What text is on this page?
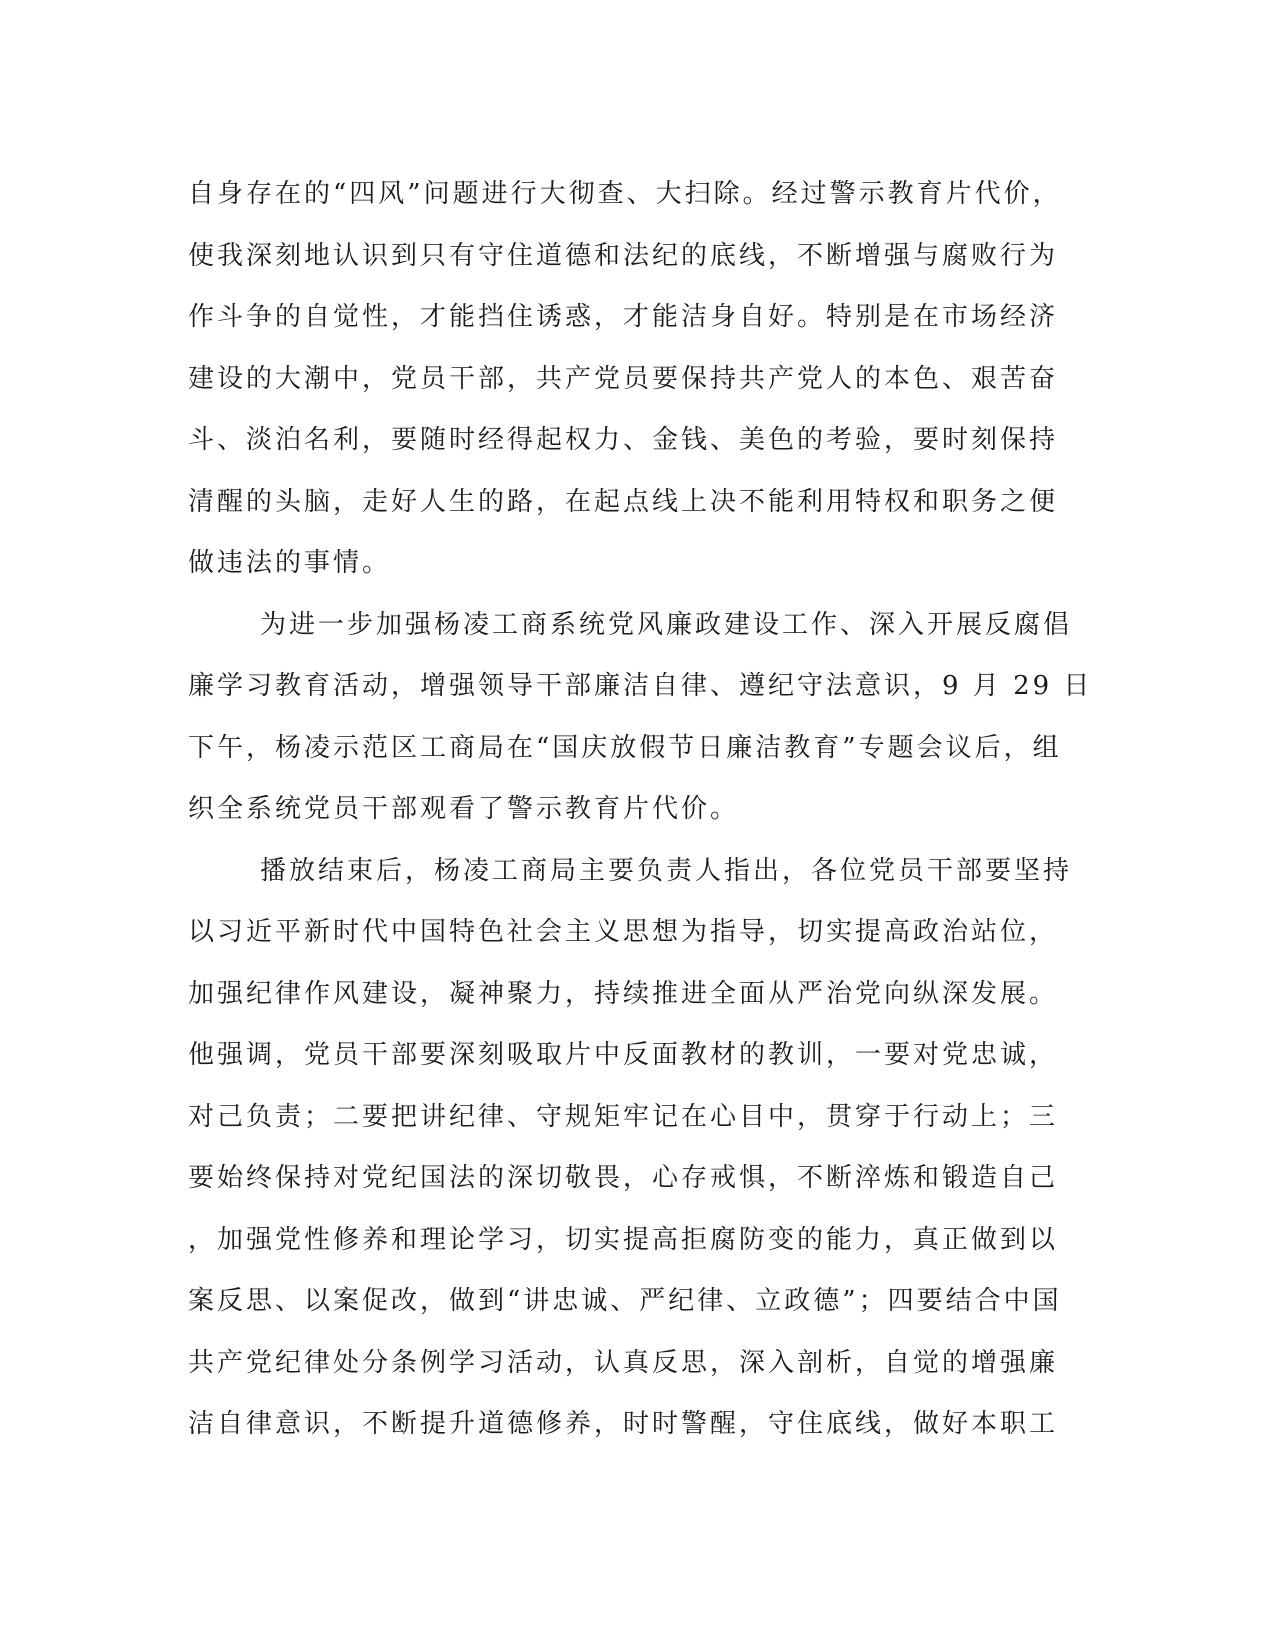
自身存在的“四风”问题进行大彻查、大扫除。经过警示教育片代价，
使我深刻地认识到只有守住道德和法纪的底线，不断增强与腐败行为
作斗争的自觉性，才能挡住诱惑，才能洁身自好。特别是在市场经济
建设的大潮中，党员干部，共产党员要保持共产党人的本色、艰苦奋
斗、淡泊名利，要随时经得起权力、金钱、美色的考验，要时刻保持
清醒的头脑，走好人生的路，在起点线上决不能利用特权和职务之便
做违法的事情。
为进一步加强杨凌工商系统党风廉政建设工作、深入开展反腐倡
廉学习教育活动，增强领导干部廉洁自律、遵纪守法意识，9 月 29 日
下午，杨凌示范区工商局在“国庆放假节日廉洁教育”专题会议后，组
织全系统党员干部观看了警示教育片代价。
播放结束后，杨凌工商局主要负责人指出，各位党员干部要坚持
以习近平新时代中国特色社会主义思想为指导，切实提高政治站位，
加强纪律作风建设，凝神聚力，持续推进全面从严治党向纵深发展。
他强调，党员干部要深刻吸取片中反面教材的教训，一要对党忠诚，
对己负责；二要把讲纪律、守规矩牢记在心目中，贯穿于行动上；三
要始终保持对党纪国法的深切敬畏，心存戒惧，不断淬炼和锻造自己
，加强党性修养和理论学习，切实提高拒腐防变的能力，真正做到以
案反思、以案促改，做到“讲忠诚、严纪律、立政德”；四要结合中国
共产党纪律处分条例学习活动，认真反思，深入剖析，自觉的增强廉
洁自律意识，不断提升道德修养，时时警醒，守住底线，做好本职工
